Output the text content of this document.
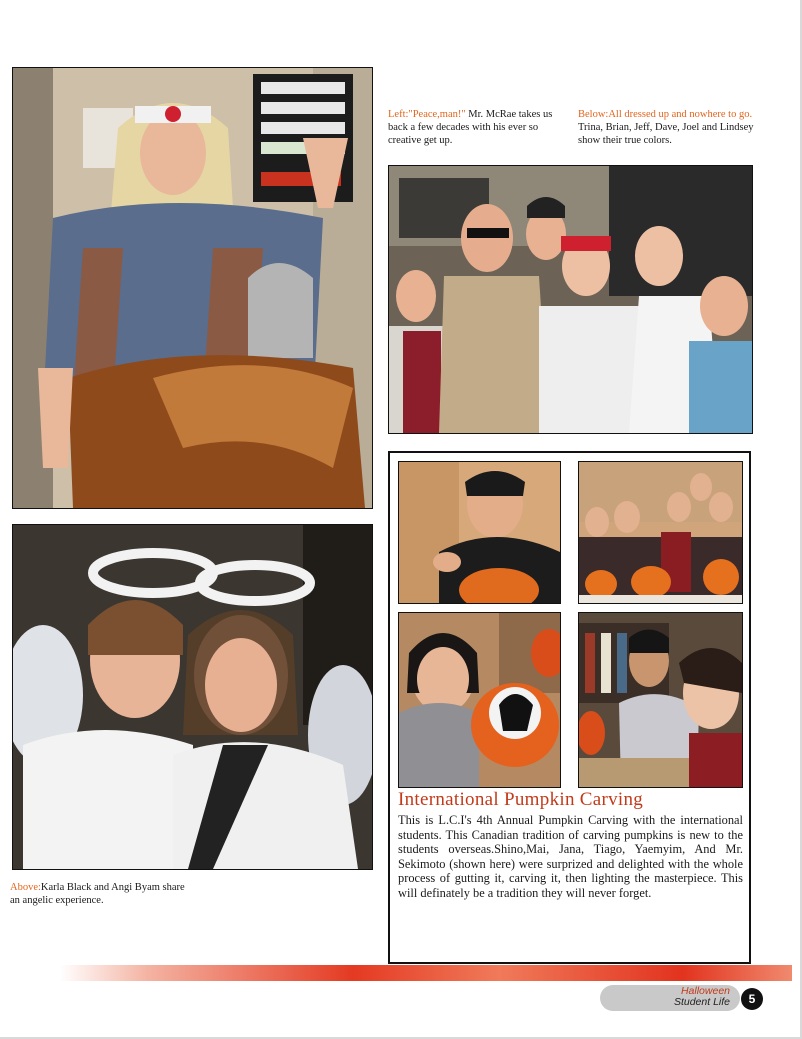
Left:"Peace,man!" Mr. McRae takes us back a few decades with his ever so creative get up.
Below:All dressed up and nowhere to go. Trina, Brian, Jeff, Dave, Joel and Lindsey show their true colors.
Above:Karla Black and Angi Byam share an angelic experience.
International Pumpkin Carving
This is L.C.I's 4th Annual Pumpkin Carving with the international students. This Canadian tradition of carving pumpkins is new to the students overseas.Shino,Mai, Jana, Tiago, Yaemyim, And Mr. Sekimoto (shown here) were surprized and delighted with the whole process of gutting it, carving it, then lighting the masterpiece. This will definately be a tradition they will never forget.
Halloween
Student Life	5
